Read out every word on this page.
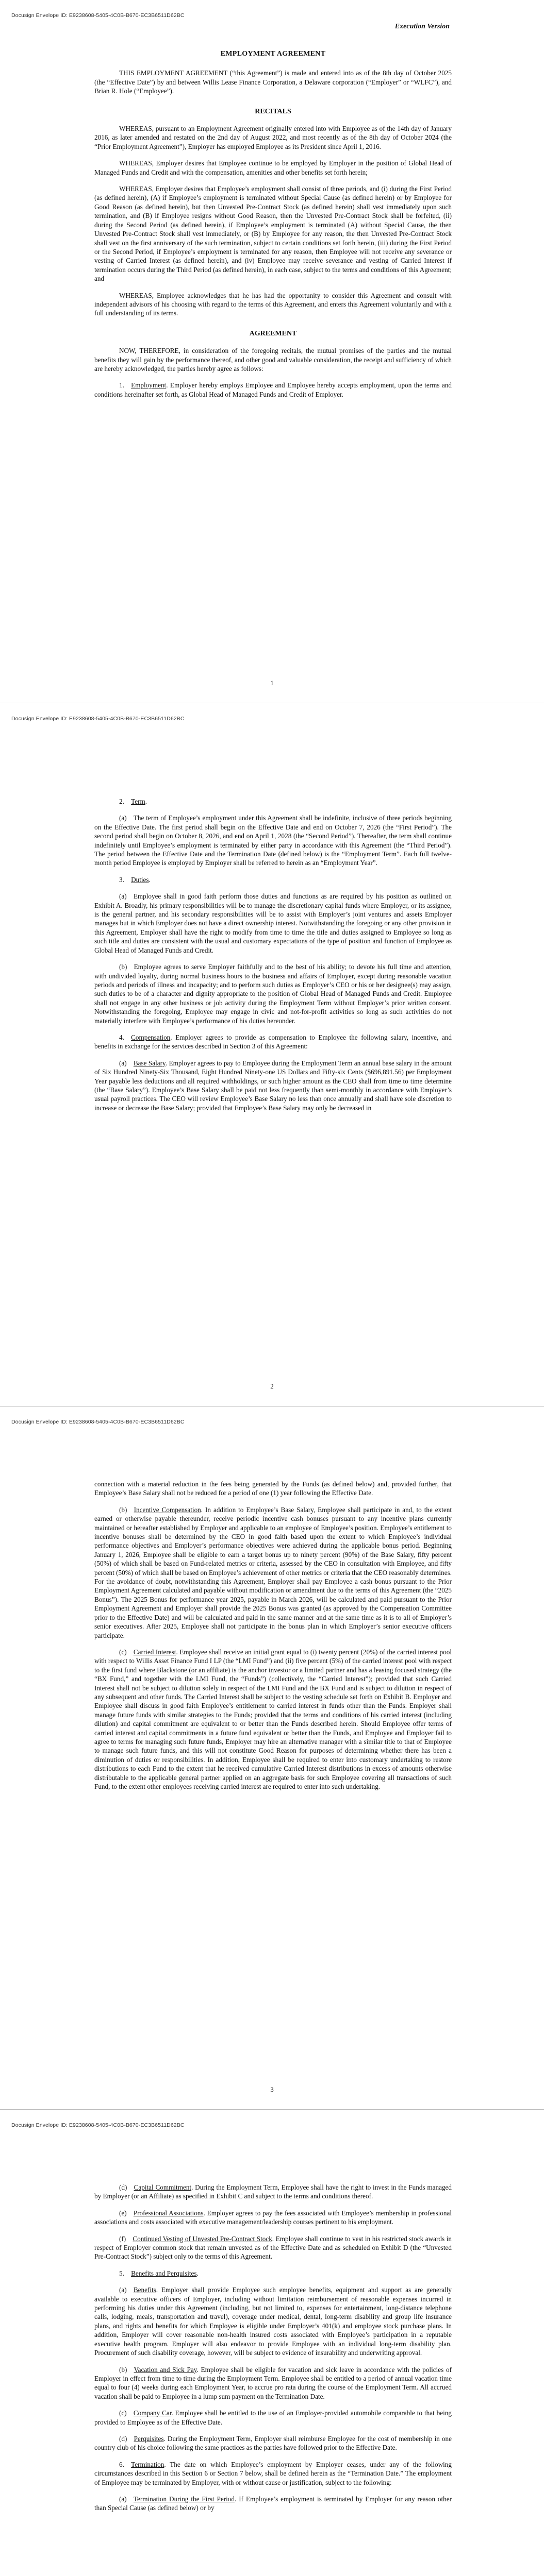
Docusign Envelope ID: E9238608-5405-4C0B-B670-EC3B6511D62BC
Execution Version
EMPLOYMENT AGREEMENT

THIS EMPLOYMENT AGREEMENT (“this Agreement”) is made and entered into as of the 8th day of October 2025 (the “Effective Date”) by and between Willis Lease Finance Corporation, a Delaware corporation (“Employer” or “WLFC”), and Brian R. Hole (“Employee”).

RECITALS

WHEREAS, pursuant to an Employment Agreement originally entered into with Employee as of the 14th day of January 2016, as later amended and restated on the 2nd day of August 2022, and most recently as of the 8th day of October 2024 (the “Prior Employment Agreement”), Employer has employed Employee as its President since April 1, 2016.

WHEREAS, Employer desires that Employee continue to be employed by Employer in the position of Global Head of Managed Funds and Credit and with the compensation, amenities and other benefits set forth herein;

WHEREAS, Employer desires that Employee’s employment shall consist of three periods, and (i) during the First Period (as defined herein), (A) if Employee’s employment is terminated without Special Cause (as defined herein) or by Employee for Good Reason (as defined herein), but then Unvested Pre-Contract Stock (as defined herein) shall vest immediately upon such termination, and (B) if Employee resigns without Good Reason, then the Unvested Pre-Contract Stock shall be forfeited, (ii) during the Second Period (as defined herein), if Employee’s employment is terminated (A) without Special Cause, the then Unvested Pre-Contract Stock shall vest immediately, or (B) by Employee for any reason, the then Unvested Pre-Contract Stock shall vest on the first anniversary of the such termination, subject to certain conditions set forth herein, (iii) during the First Period or the Second Period, if Employee’s employment is terminated for any reason, then Employee will not receive any severance or vesting of Carried Interest (as defined herein), and (iv) Employee may receive severance and vesting of Carried Interest if termination occurs during the Third Period (as defined herein), in each case, subject to the terms and conditions of this Agreement; and

WHEREAS, Employee acknowledges that he has had the opportunity to consider this Agreement and consult with independent advisors of his choosing with regard to the terms of this Agreement, and enters this Agreement voluntarily and with a full understanding of its terms.

AGREEMENT

NOW, THEREFORE, in consideration of the foregoing recitals, the mutual promises of the parties and the mutual benefits they will gain by the performance thereof, and other good and valuable consideration, the receipt and sufficiency of which are hereby acknowledged, the parties hereby agree as follows:

1.  Employment. Employer hereby employs Employee and Employee hereby accepts employment, upon the terms and conditions hereinafter set forth, as Global Head of Managed Funds and Credit of Employer.

1
Docusign Envelope ID: E9238608-5405-4C0B-B670-EC3B6511D62BC

2.  Term.

(a) The term of Employee’s employment under this Agreement shall be indefinite, inclusive of three periods beginning on the Effective Date. The first period shall begin on the Effective Date and end on October 7, 2026 (the “First Period”). The second period shall begin on October 8, 2026, and end on April 1, 2028 (the “Second Period”). Thereafter, the term shall continue indefinitely until Employee’s employment is terminated by either party in accordance with this Agreement (the “Third Period”). The period between the Effective Date and the Termination Date (defined below) is the “Employment Term”. Each full twelve-month period Employee is employed by Employer shall be referred to herein as an “Employment Year”.

3.  Duties.

(a) Employee shall in good faith perform those duties and functions as are required by his position as outlined on Exhibit A. Broadly, his primary responsibilities will be to manage the discretionary capital funds where Employer, or its assignee, is the general partner, and his secondary responsibilities will be to assist with Employer’s joint ventures and assets Employer manages but in which Employer does not have a direct ownership interest. Notwithstanding the foregoing or any other provision in this Agreement, Employer shall have the right to modify from time to time the title and duties assigned to Employee so long as such title and duties are consistent with the usual and customary expectations of the type of position and function of Employee as Global Head of Managed Funds and Credit.

(b) Employee agrees to serve Employer faithfully and to the best of his ability; to devote his full time and attention, with undivided loyalty, during normal business hours to the business and affairs of Employer, except during reasonable vacation periods and periods of illness and incapacity; and to perform such duties as Employer’s CEO or his or her designee(s) may assign, such duties to be of a character and dignity appropriate to the position of Global Head of Managed Funds and Credit. Employee shall not engage in any other business or job activity during the Employment Term without Employer’s prior written consent. Notwithstanding the foregoing, Employee may engage in civic and not-for-profit activities so long as such activities do not materially interfere with Employee’s performance of his duties hereunder.

4.  Compensation. Employer agrees to provide as compensation to Employee the following salary, incentive, and benefits in exchange for the services described in Section 3 of this Agreement:

(a)  Base Salary. Employer agrees to pay to Employee during the Employment Term an annual base salary in the amount of Six Hundred Ninety-Six Thousand, Eight Hundred Ninety-one US Dollars and Fifty-six Cents ($696,891.56) per Employment Year payable less deductions and all required withholdings, or such higher amount as the CEO shall from time to time determine (the “Base Salary”). Employee’s Base Salary shall be paid not less frequently than semi-monthly in accordance with Employer’s usual payroll practices. The CEO will review Employee’s Base Salary no less than once annually and shall have sole discretion to increase or decrease the Base Salary; provided that Employee’s Base Salary may only be decreased in

2
Docusign Envelope ID: E9238608-5405-4C0B-B670-EC3B6511D62BC

connection with a material reduction in the fees being generated by the Funds (as defined below) and, provided further, that Employee’s Base Salary shall not be reduced for a period of one (1) year following the Effective Date.

(b)  Incentive Compensation. In addition to Employee’s Base Salary, Employee shall participate in and, to the extent earned or otherwise payable thereunder, receive periodic incentive cash bonuses pursuant to any incentive plans currently maintained or hereafter established by Employer and applicable to an employee of Employee’s position. Employee’s entitlement to incentive bonuses shall be determined by the CEO in good faith based upon the extent to which Employee’s individual performance objectives and Employer’s performance objectives were achieved during the applicable bonus period. Beginning January 1, 2026, Employee shall be eligible to earn a target bonus up to ninety percent (90%) of the Base Salary, fifty percent (50%) of which shall be based on Fund-related metrics or criteria, assessed by the CEO in consultation with Employee, and fifty percent (50%) of which shall be based on Employee’s achievement of other metrics or criteria that the CEO reasonably determines. For the avoidance of doubt, notwithstanding this Agreement, Employer shall pay Employee a cash bonus pursuant to the Prior Employment Agreement calculated and payable without modification or amendment due to the terms of this Agreement (the “2025 Bonus”). The 2025 Bonus for performance year 2025, payable in March 2026, will be calculated and paid pursuant to the Prior Employment Agreement and Employer shall provide the 2025 Bonus was granted (as approved by the Compensation Committee prior to the Effective Date) and will be calculated and paid in the same manner and at the same time as it is to all of Employer’s senior executives. After 2025, Employee shall not participate in the bonus plan in which Employer’s senior executive officers participate.

(c)  Carried Interest. Employee shall receive an initial grant equal to (i) twenty percent (20%) of the carried interest pool with respect to Willis Asset Finance Fund I LP (the “LMI Fund”) and (ii) five percent (5%) of the carried interest pool with respect to the first fund where Blackstone (or an affiliate) is the anchor investor or a limited partner and has a leasing focused strategy (the “BX Fund,” and together with the LMI Fund, the “Funds”) (collectively, the “Carried Interest”); provided that such Carried Interest shall not be subject to dilution solely in respect of the LMI Fund and the BX Fund and is subject to dilution in respect of any subsequent and other funds. The Carried Interest shall be subject to the vesting schedule set forth on Exhibit B. Employer and Employee shall discuss in good faith Employee’s entitlement to carried interest in funds other than the Funds. Employer shall manage future funds with similar strategies to the Funds; provided that the terms and conditions of his carried interest (including dilution) and capital commitment are equivalent to or better than the Funds described herein. Should Employee offer terms of carried interest and capital commitments in a future fund equivalent or better than the Funds, and Employee and Employer fail to agree to terms for managing such future funds, Employer may hire an alternative manager with a similar title to that of Employee to manage such future funds, and this will not constitute Good Reason for purposes of determining whether there has been a diminution of duties or responsibilities. In addition, Employee shall be required to enter into customary undertaking to restore distributions to each Fund to the extent that he received cumulative Carried Interest distributions in excess of amounts otherwise distributable to the applicable general partner applied on an aggregate basis for such Employee covering all transactions of such Fund, to the extent other employees receiving carried interest are required to enter into such undertaking.

3
Docusign Envelope ID: E9238608-5405-4C0B-B670-EC3B6511D62BC

(d)  Capital Commitment. During the Employment Term, Employee shall have the right to invest in the Funds managed by Employer (or an Affiliate) as specified in Exhibit C and subject to the terms and conditions thereof.

(e)  Professional Associations. Employer agrees to pay the fees associated with Employee’s membership in professional associations and costs associated with executive management/leadership courses pertinent to his employment.

(f)  Continued Vesting of Unvested Pre-Contract Stock. Employee shall continue to vest in his restricted stock awards in respect of Employer common stock that remain unvested as of the Effective Date and as scheduled on Exhibit D (the “Unvested Pre-Contract Stock”) subject only to the terms of this Agreement.

5.  Benefits and Perquisites.

(a)  Benefits. Employer shall provide Employee such employee benefits, equipment and support as are generally available to executive officers of Employer, including without limitation reimbursement of reasonable expenses incurred in performing his duties under this Agreement (including, but not limited to, expenses for entertainment, long-distance telephone calls, lodging, meals, transportation and travel), coverage under medical, dental, long-term disability and group life insurance plans, and rights and benefits for which Employee is eligible under Employer’s 401(k) and employee stock purchase plans. In addition, Employer will cover reasonable non-health insured costs associated with Employee’s participation in a reputable executive health program. Employer will also endeavor to provide Employee with an individual long-term disability plan. Procurement of such disability coverage, however, will be subject to evidence of insurability and underwriting approval.

(b)  Vacation and Sick Pay. Employee shall be eligible for vacation and sick leave in accordance with the policies of Employer in effect from time to time during the Employment Term. Employee shall be entitled to a period of annual vacation time equal to four (4) weeks during each Employment Year, to accrue pro rata during the course of the Employment Term. All accrued vacation shall be paid to Employee in a lump sum payment on the Termination Date.

(c)  Company Car. Employee shall be entitled to the use of an Employer-provided automobile comparable to that being provided to Employee as of the Effective Date.

(d)  Perquisites. During the Employment Term, Employer shall reimburse Employee for the cost of membership in one country club of his choice following the same practices as the parties have followed prior to the Effective Date.

6.  Termination. The date on which Employee’s employment by Employer ceases, under any of the following circumstances described in this Section 6 or Section 7 below, shall be defined herein as the “Termination Date.” The employment of Employee may be terminated by Employer, with or without cause or justification, subject to the following:

(a)  Termination During the First Period. If Employee’s employment is terminated by Employer for any reason other than Special Cause (as defined below) or by
